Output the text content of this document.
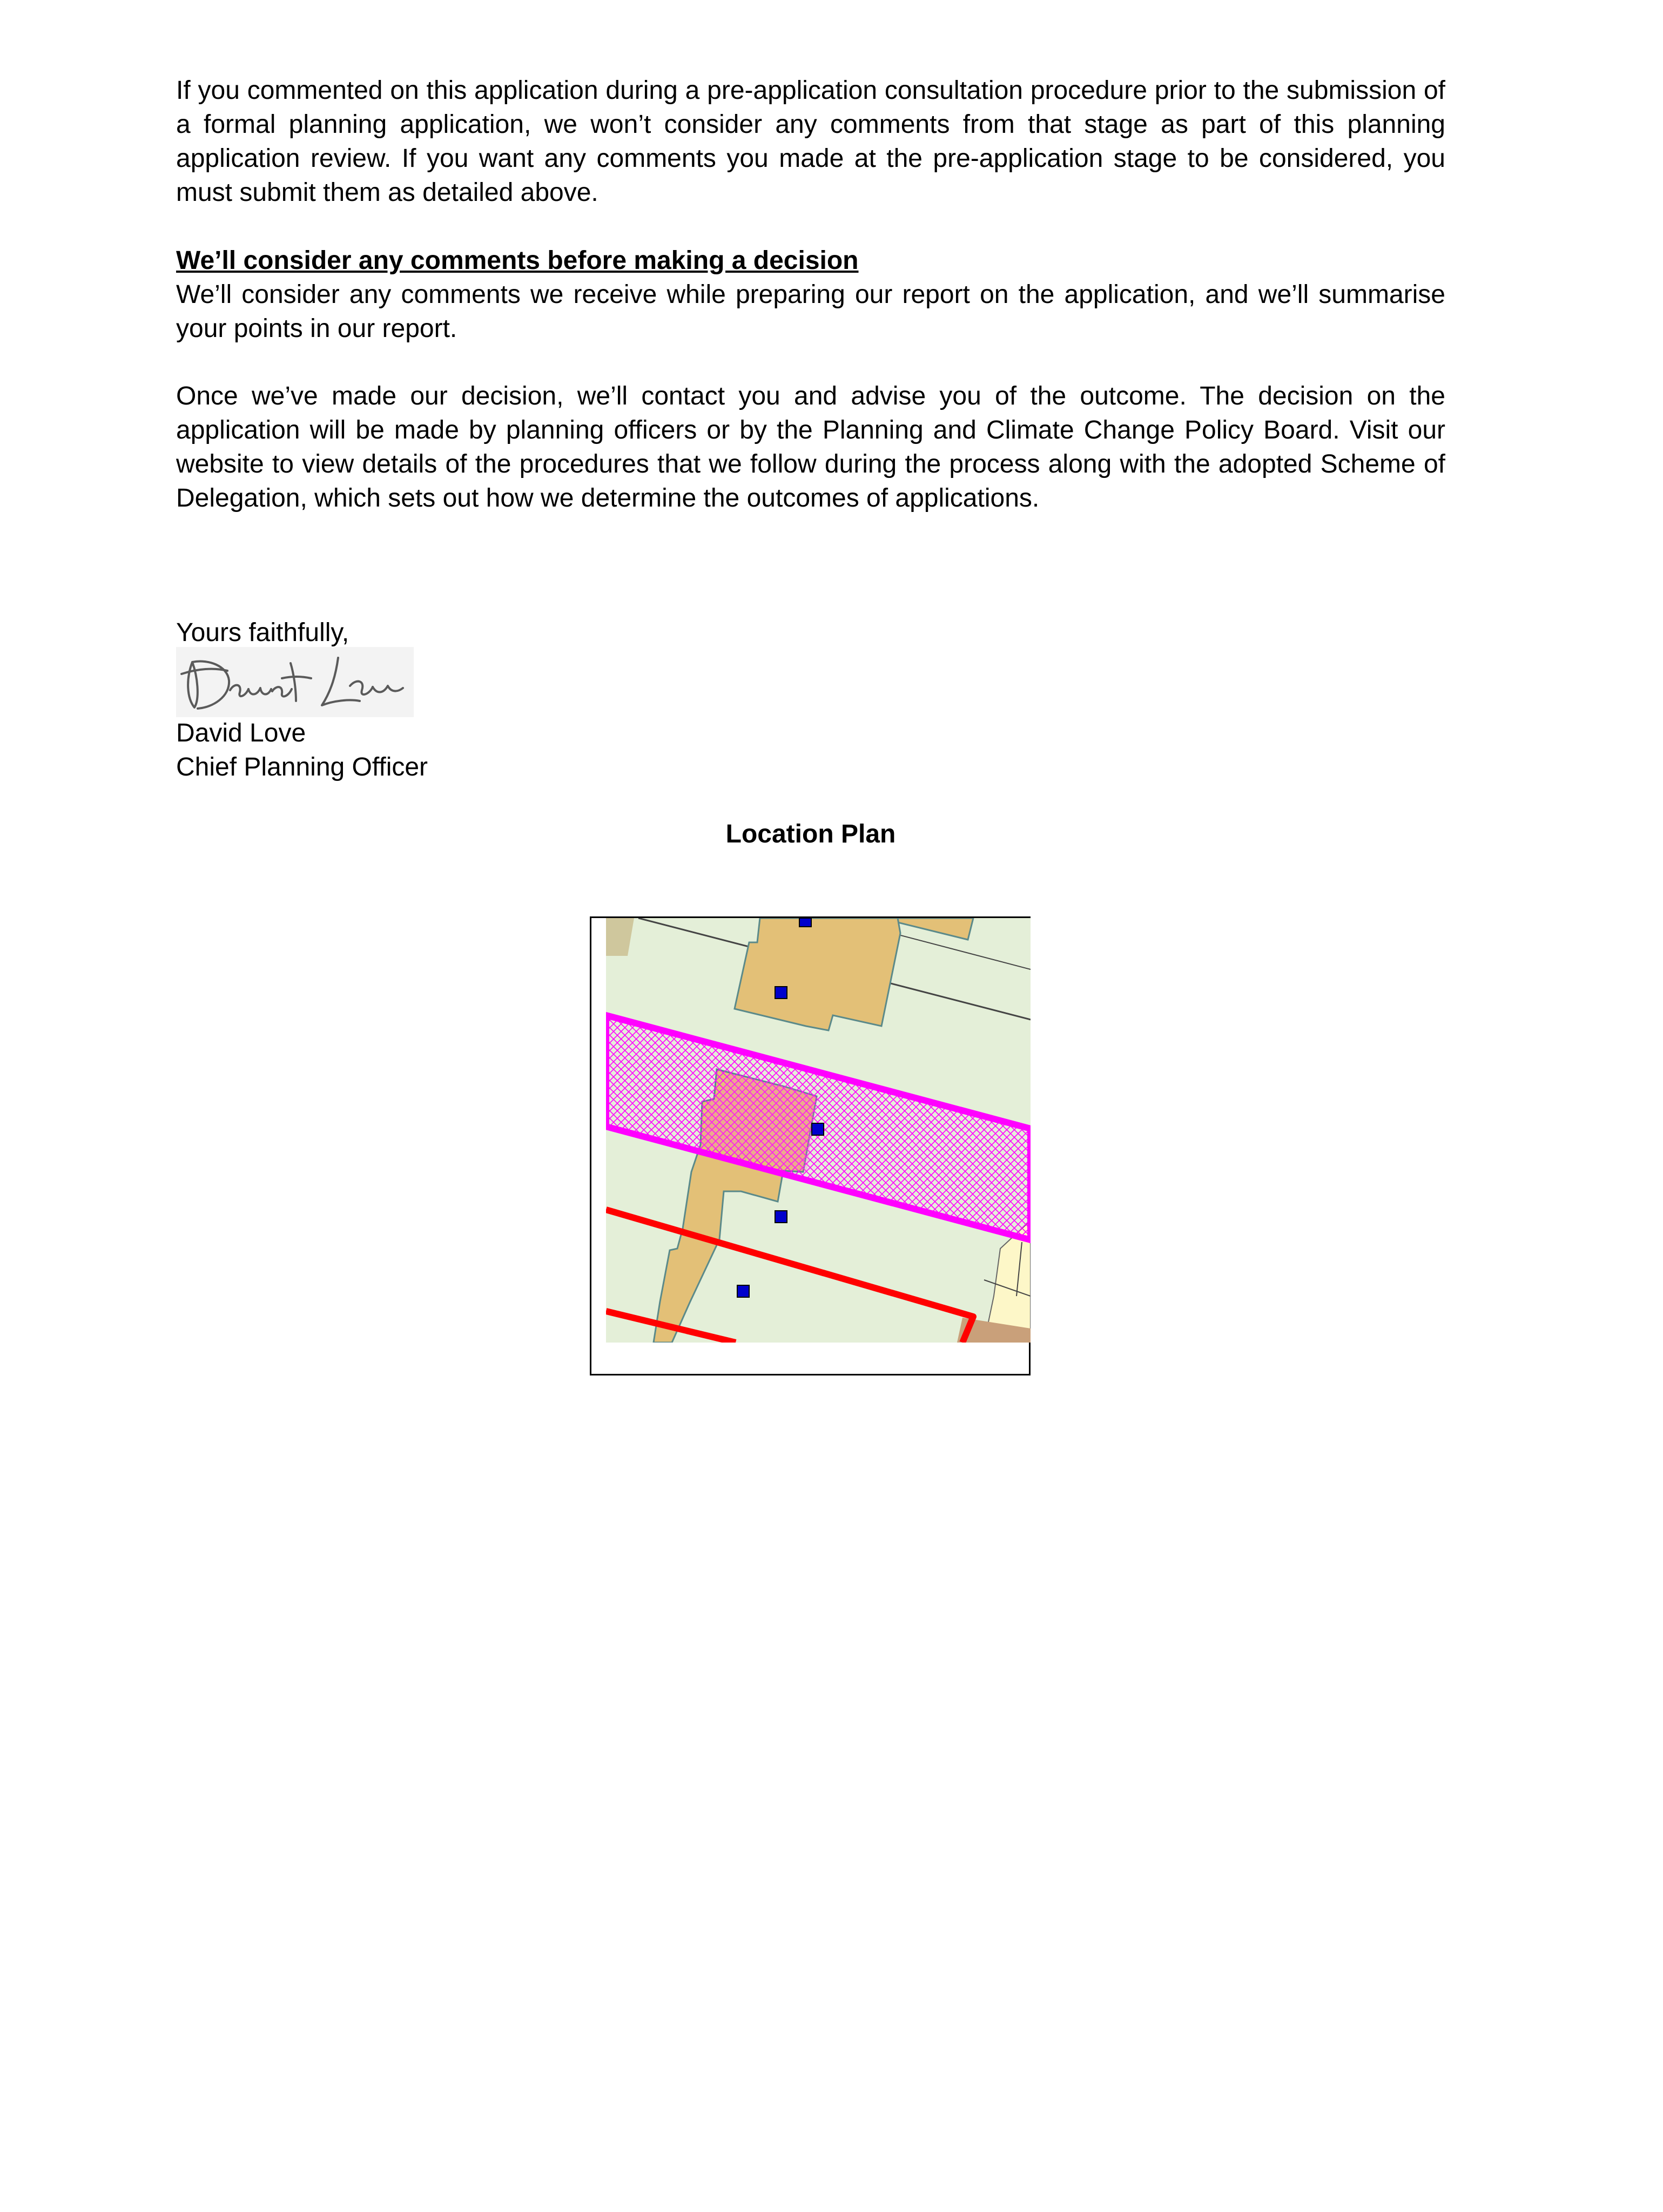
If you commented on this application during a pre-application consultation procedure prior to the submission of a formal planning application, we won’t consider any comments from that stage as part of this planning application review. If you want any comments you made at the pre-application stage to be considered, you must submit them as detailed above.

We’ll consider any comments before making a decision

We’ll consider any comments we receive while preparing our report on the application, and we’ll summarise your points in our report.

Once we’ve made our decision, we’ll contact you and advise you of the outcome. The decision on the application will be made by planning officers or by the Planning and Climate Change Policy Board. Visit our website to view details of the procedures that we follow during the process along with the adopted Scheme of Delegation, which sets out how we determine the outcomes of applications.

Yours faithfully,

David Love

Chief Planning Officer

Location Plan
